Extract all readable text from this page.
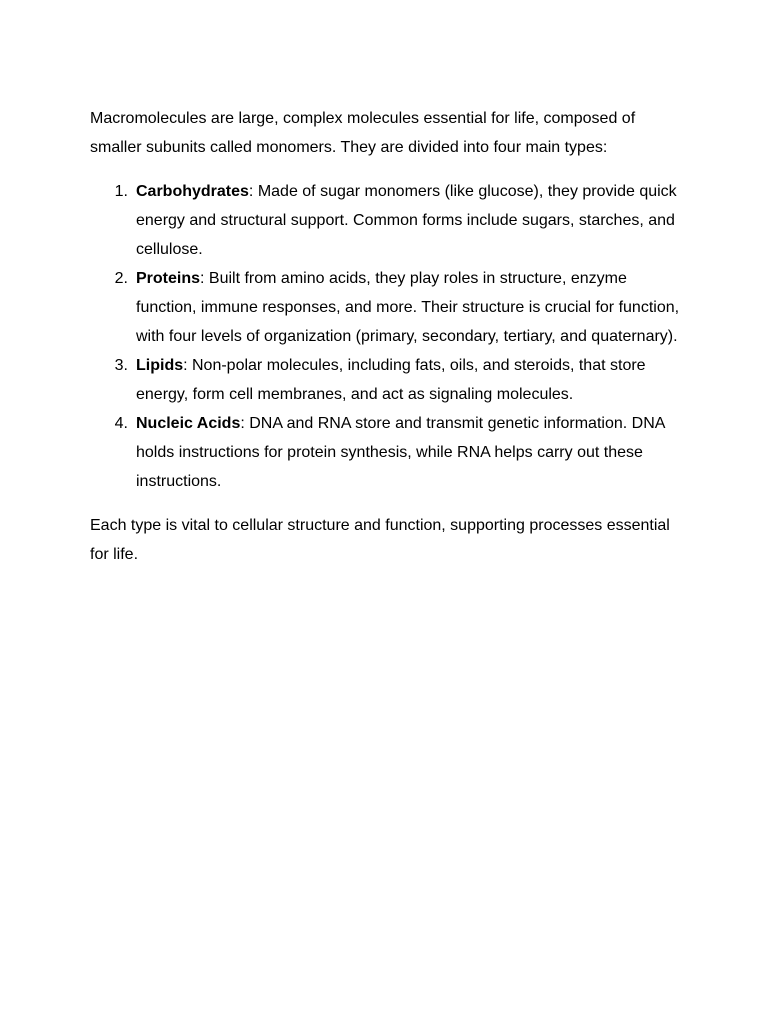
Macromolecules are large, complex molecules essential for life, composed of smaller subunits called monomers. They are divided into four main types:

1. Carbohydrates: Made of sugar monomers (like glucose), they provide quick energy and structural support. Common forms include sugars, starches, and cellulose.
2. Proteins: Built from amino acids, they play roles in structure, enzyme function, immune responses, and more. Their structure is crucial for function, with four levels of organization (primary, secondary, tertiary, and quaternary).
3. Lipids: Non-polar molecules, including fats, oils, and steroids, that store energy, form cell membranes, and act as signaling molecules.
4. Nucleic Acids: DNA and RNA store and transmit genetic information. DNA holds instructions for protein synthesis, while RNA helps carry out these instructions.

Each type is vital to cellular structure and function, supporting processes essential for life.
